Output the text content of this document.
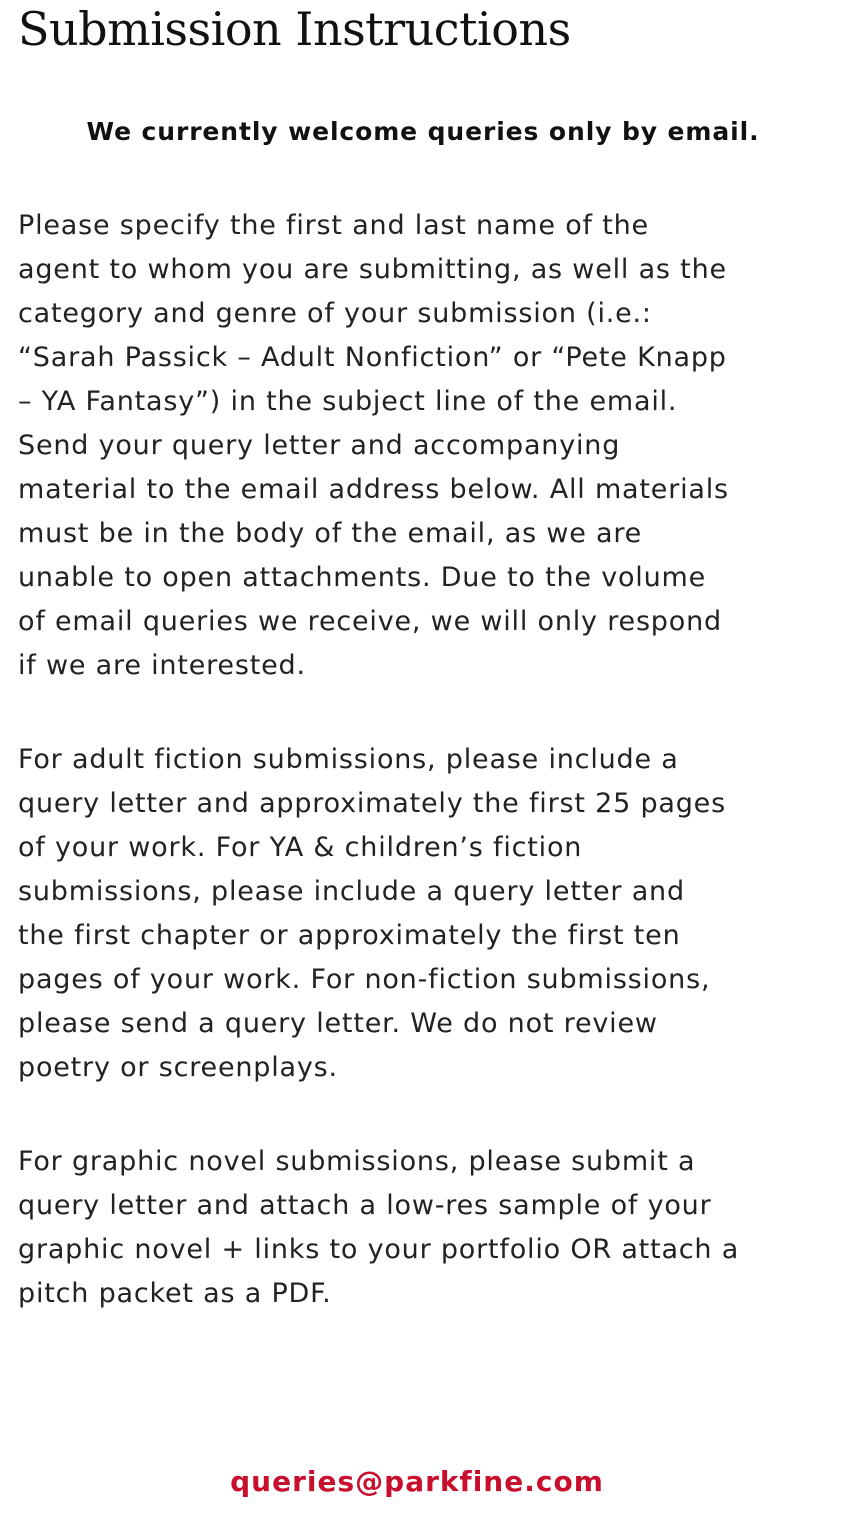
Submission Instructions

We currently welcome queries only by email.

Please specify the first and last name of the
agent to whom you are submitting, as well as the
category and genre of your submission (i.e.:
“Sarah Passick – Adult Nonfiction” or “Pete Knapp
– YA Fantasy”) in the subject line of the email.
Send your query letter and accompanying
material to the email address below. All materials
must be in the body of the email, as we are
unable to open attachments. Due to the volume
of email queries we receive, we will only respond
if we are interested.

For adult fiction submissions, please include a
query letter and approximately the first 25 pages
of your work. For YA & children’s fiction
submissions, please include a query letter and
the first chapter or approximately the first ten
pages of your work. For non-fiction submissions,
please send a query letter. We do not review
poetry or screenplays.

For graphic novel submissions, please submit a
query letter and attach a low-res sample of your
graphic novel + links to your portfolio OR attach a
pitch packet as a PDF.

queries@parkfine.com
